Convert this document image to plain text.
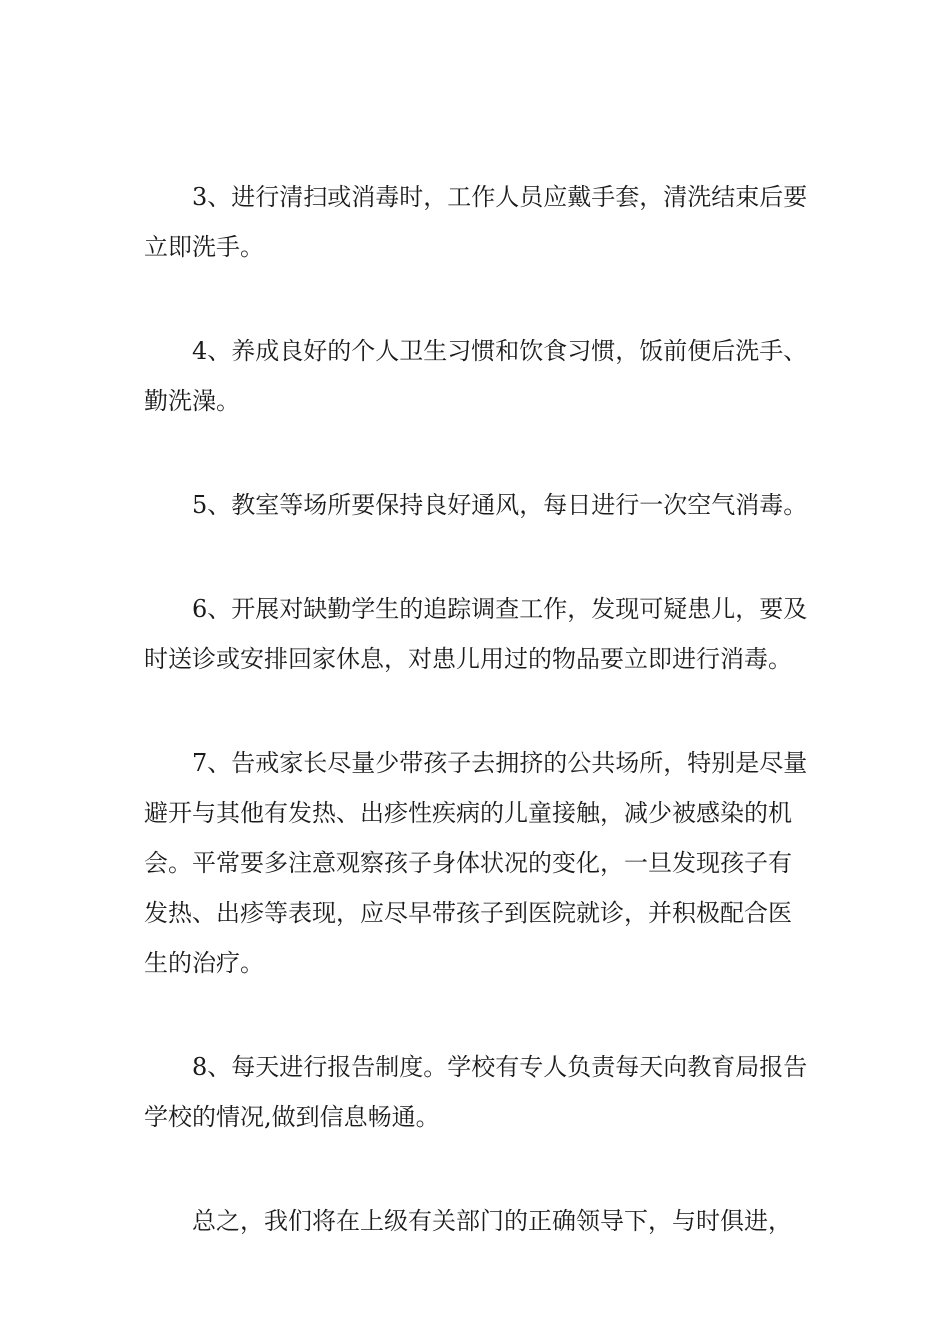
3、进行清扫或消毒时，工作人员应戴手套，清洗结束后要
立即洗手。

4、养成良好的个人卫生习惯和饮食习惯，饭前便后洗手、
勤洗澡。

5、教室等场所要保持良好通风，每日进行一次空气消毒。

6、开展对缺勤学生的追踪调查工作，发现可疑患儿，要及
时送诊或安排回家休息，对患儿用过的物品要立即进行消毒。

7、告戒家长尽量少带孩子去拥挤的公共场所，特别是尽量
避开与其他有发热、出疹性疾病的儿童接触，减少被感染的机
会。平常要多注意观察孩子身体状况的变化，一旦发现孩子有
发热、出疹等表现，应尽早带孩子到医院就诊，并积极配合医
生的治疗。

8、每天进行报告制度。学校有专人负责每天向教育局报告
学校的情况,做到信息畅通。

总之，我们将在上级有关部门的正确领导下，与时俱进，
